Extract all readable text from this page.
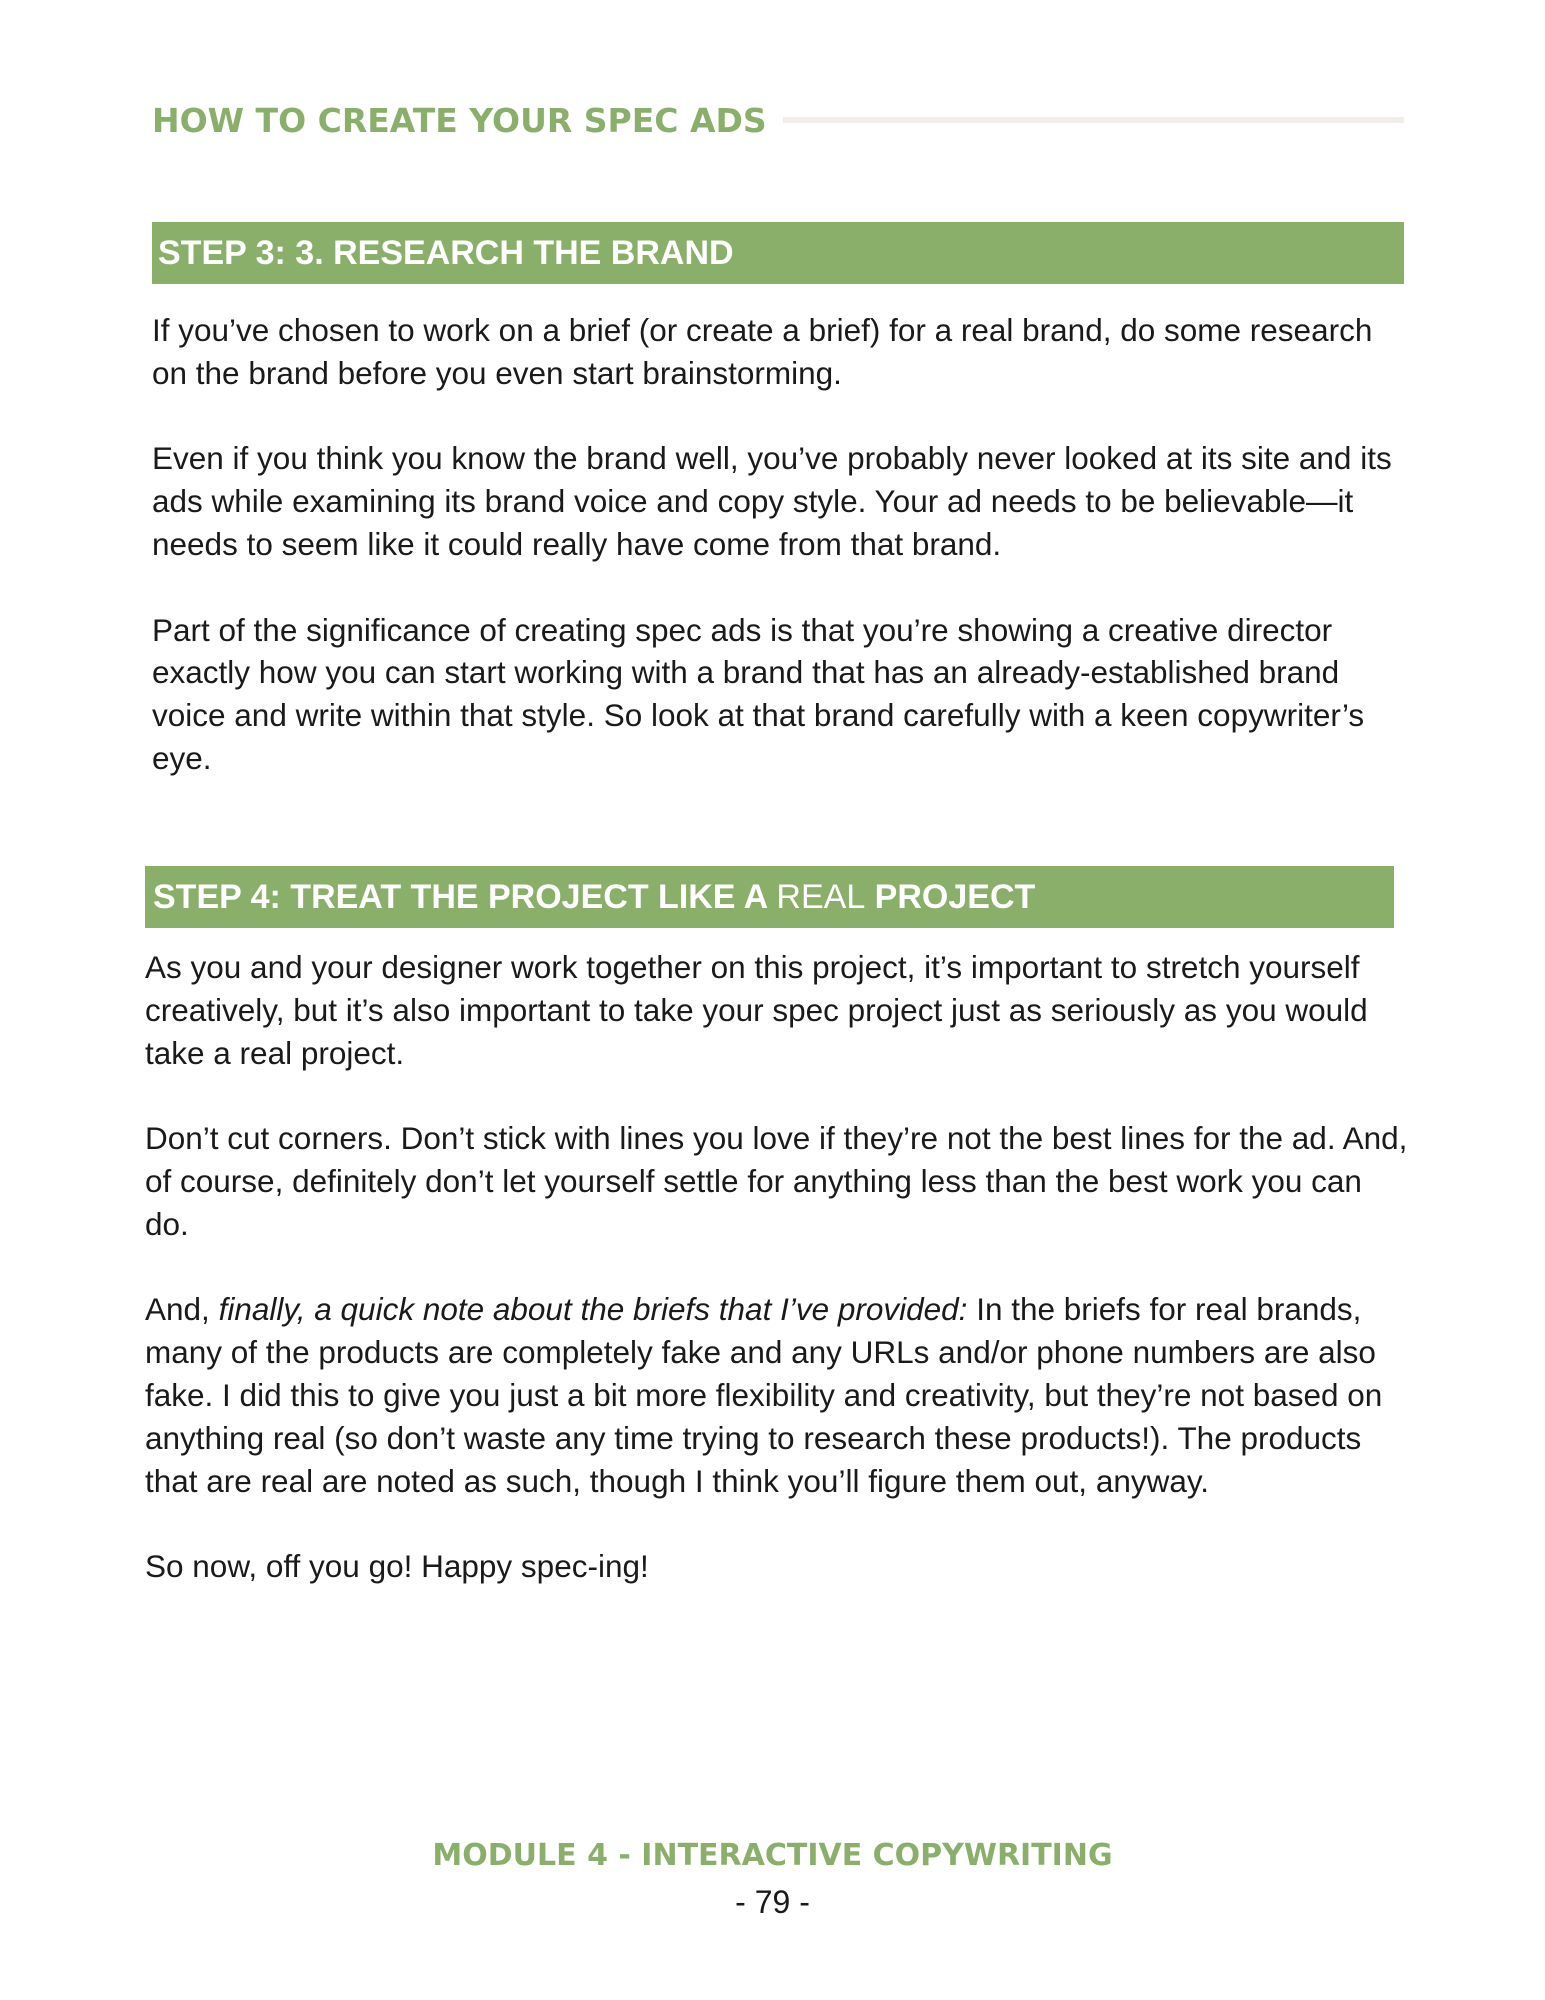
HOW TO CREATE YOUR SPEC ADS
STEP 3: 3. RESEARCH THE BRAND

If you’ve chosen to work on a brief (or create a brief) for a real brand, do some research on the brand before you even start brainstorming.

Even if you think you know the brand well, you’ve probably never looked at its site and its ads while examining its brand voice and copy style. Your ad needs to be believable—it needs to seem like it could really have come from that brand.

Part of the significance of creating spec ads is that you’re showing a creative director exactly how you can start working with a brand that has an already-established brand voice and write within that style. So look at that brand carefully with a keen copywriter’s eye.

STEP 4: TREAT THE PROJECT LIKE A REAL PROJECT

As you and your designer work together on this project, it’s important to stretch yourself creatively, but it’s also important to take your spec project just as seriously as you would take a real project.

Don’t cut corners. Don’t stick with lines you love if they’re not the best lines for the ad. And, of course, definitely don’t let yourself settle for anything less than the best work you can do.

And, finally, a quick note about the briefs that I’ve provided: In the briefs for real brands, many of the products are completely fake and any URLs and/or phone numbers are also fake. I did this to give you just a bit more flexibility and creativity, but they’re not based on anything real (so don’t waste any time trying to research these products!). The products that are real are noted as such, though I think you’ll figure them out, anyway.

So now, off you go! Happy spec-ing!

MODULE 4 - INTERACTIVE COPYWRITING
- 79 -
